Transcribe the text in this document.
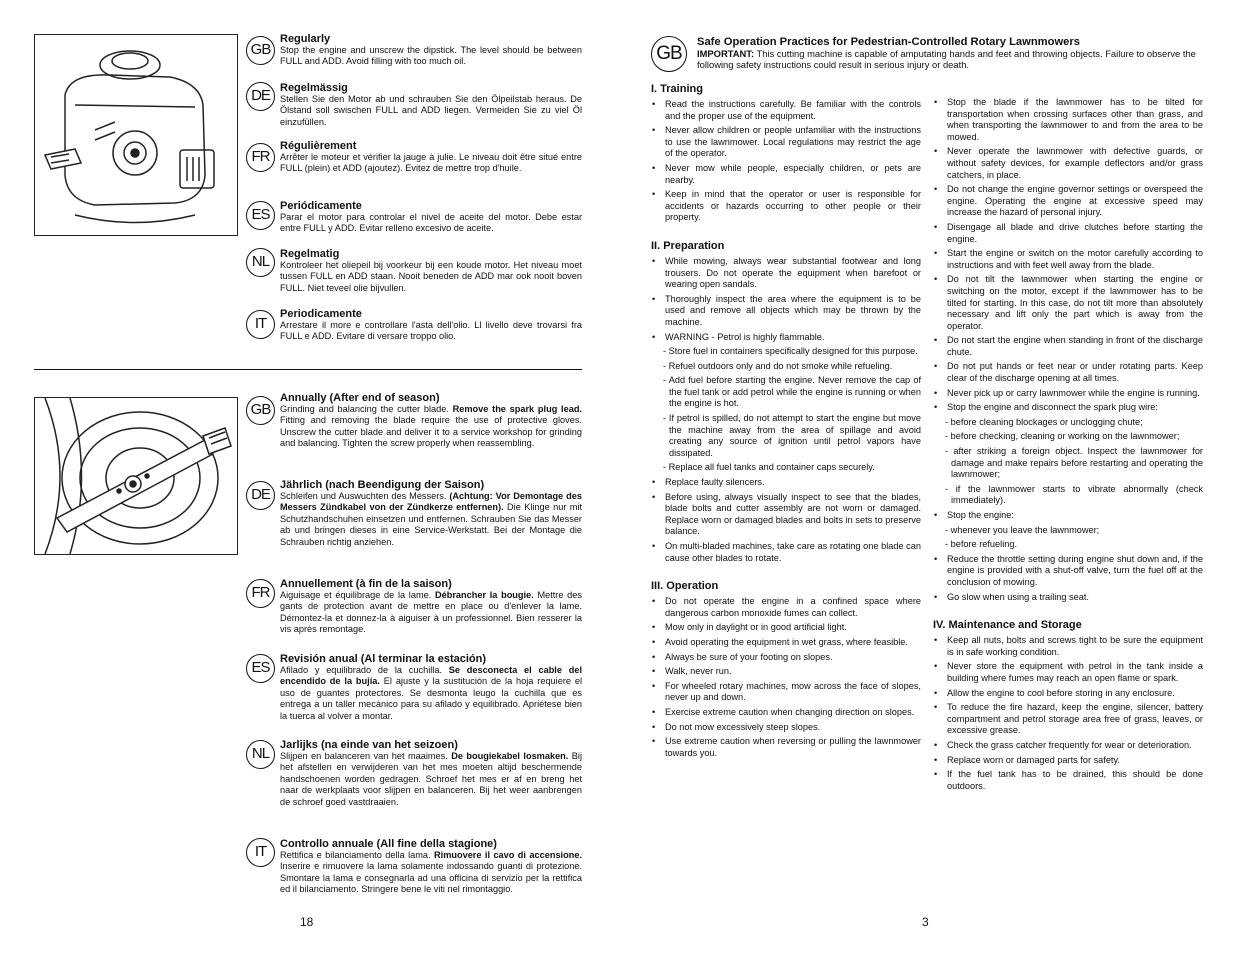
GB
Regularly
Stop the engine and unscrew the dipstick. The level should be between FULL and ADD. Avoid filling with too much oil.
DE Regelmässig
Stellen Sie den Motor ab und schrauben Sie den Ölpeilstab heraus. De Ölstand soll swischen FULL and ADD liegen. Vermeiden Sie zu viel Öl einzufüllen.
FR
Régulièrement
Arrêter le moteur et vérifier la jauge à julie. Le niveau doit être situé entre FULL (plein) et ADD (ajoutez). Evitez de mettre trop d'huile.
ES Periódicamente
Parar el motor para controlar el nivel de aceite del motor. Debe estar entre FULL y ADD. Evitar relleno excesivo de aceite.
NL Regelmatig
Kontroleer het oliepeil bij voorkeur bij een koude motor. Het niveau moet tussen FULL en ADD staan. Nooit beneden de ADD mar ook nooit boven FULL. Niet teveel olie bijvullen.
IT
Periodicamente
Arrestare il more e controllare l'asta dell'olio. Ll livello deve trovarsi fra FULL e ADD. Evitare di versare troppo olio.
GB
Annually (After end of season)
Grinding and balancing the cutter blade. Remove the spark plug lead. Fitting and removing the blade require the use of protective gloves. Unscrew the cutter blade and deliver it to a service workshop for grinding and balancing. Tighten the screw properly when reassembling.
DE
Jährlich (nach Beendigung der Saison)
Schleifen und Auswuchten des Messers. (Achtung: Vor Demontage des Messers Zündkabel von der Zündkerze entfernen). Die Klinge nur mit Schutzhandschuhen einsetzen und entfernen. Schrauben Sie das Messer ab und bringen dieses in eine Service-Werkstatt. Bei der Montage die Schrauben richtig anziehen.
FR Annuellement (à fin de la saison)
Aiguisage et équilibrage de la lame. Débrancher la bougie. Mettre des gants de protection avant de mettre en place ou d'enlever la lame. Démontez-la et donnez-la à aiguiser à un professionnel. Bien resserer la vis après remontage.
ES Revisión anual (Al terminar la estación)
Afilado y equilibrado de la cuchilla. Se desconecta el cable del encendido de la bujía. El ajuste y la sustitución de la hoja requiere el uso de guantes protectores. Se desmonta leugo la cuchilla que es entrega a un taller mecánico para su afilado y equilibrado. Apriétese bien la tuerca al volver a montar.
NL Jarlijks (na einde van het seizoen)
Slijpen en balanceren van het maaimes. De bougiekabel losmaken. Bij het afstellen en verwijderen van het mes moeten altijd beschermende handschoenen worden gedragen. Schroef het mes er af en breng het naar de werkplaats voor slijpen en balanceren. Bij het weer aanbrengen de schroef goed vastdraaien.
IT	Controllo annuale (All fine della stagione)
Rettifica e bilanciamento della lama. Rimuovere il cavo di accensione. Inserire e rimuovere la lama solamente indossando guanti di protezione. Smontare la lama e consegnarla ad una officina di servizio per la rettifica ed il bilanciamento. Stringere bene le viti nel rimontaggio.
18
GB
Safe Operation Practices for Pedestrian-Controlled Rotary Lawnmowers
IMPORTANT: This cutting machine is capable of amputating hands and feet and throwing objects. Failure to observe the following safety instructions could result in serious injury or death.
I. Training
• Read the instructions carefully. Be familiar with the controls and the proper use of the equipment.
• Never allow children or people unfamiliar with the instructions to use the lawnmower. Local regulations may restrict the age of the operator.
• Never mow while people, especially children, or pets are nearby.
• Keep in mind that the operator or user is responsible for accidents or hazards occurring to other people or their property.
II. Preparation
• While mowing, always wear substantial footwear and long trousers. Do not operate the equipment when barefoot or wearing open sandals.
• Thoroughly inspect the area where the equipment is to be used and remove all objects which may be thrown by the machine.
• WARNING - Petrol is highly flammable.
- Store fuel in containers specifically designed for this purpose.
- Refuel outdoors only and do not smoke while refueling.
- Add fuel before starting the engine. Never remove the cap of the fuel tank or add petrol while the engine is running or when the engine is hot.
- If petrol is spilled, do not attempt to start the engine but move the machine away from the area of spillage and avoid creating any source of ignition until petrol vapors have dissipated.
- Replace all fuel tanks and container caps securely.
• Replace faulty silencers.
• Before using, always visually inspect to see that the blades, blade bolts and cutter assembly are not worn or damaged. Replace worn or damaged blades and bolts in sets to preserve balance.
• On multi-bladed machines, take care as rotating one blade can cause other blades to rotate.
III. Operation
• Do not operate the engine in a confined space where dangerous carbon monoxide fumes can collect.
• Mow only in daylight or in good artificial light.
• Avoid operating the equipment in wet grass, where feasible.
• Always be sure of your footing on slopes.
• Walk, never run.
• For wheeled rotary machines, mow across the face of slopes, never up and down.
• Exercise extreme caution when changing direction on slopes.
• Do not mow excessively steep slopes.
• Use extreme caution when reversing or pulling the lawnmower towards you.
• Stop the blade if the lawnmower has to be tilted for transportation when crossing surfaces other than grass, and when transporting the lawnmower to and from the area to be mowed.
• Never operate the lawnmower with defective guards, or without safety devices, for example deflectors and/or grass catchers, in place.
• Do not change the engine governor settings or overspeed the engine. Operating the engine at excessive speed may increase the hazard of personal injury.
• Disengage all blade and drive clutches before starting the engine.
• Start the engine or switch on the motor carefully according to instructions and with feet well away from the blade.
• Do not tilt the lawnmower when starting the engine or switching on the motor, except if the lawnmower has to be tilted for starting. In this case, do not tilt more than absolutely necessary and lift only the part which is away from the operator.
• Do not start the engine when standing in front of the discharge chute.
• Do not put hands or feet near or under rotating parts. Keep clear of the discharge opening at all times.
• Never pick up or carry lawnmower while the engine is running.
• Stop the engine and disconnect the spark plug wire:
- before cleaning blockages or unclogging chute;
- before checking, cleaning or working on the lawnmower;
- after striking a foreign object. Inspect the lawnmower for damage and make repairs before restarting and operating the lawnmower;
- if the lawnmower starts to vibrate abnormally (check immediately).
• Stop the engine:
- whenever you leave the lawnmower;
- before refueling.
• Reduce the throttle setting during engine shut down and, if the engine is provided with a shut-off valve, turn the fuel off at the conclusion of mowing.
• Go slow when using a trailing seat.
IV. Maintenance and Storage
• Keep all nuts, bolts and screws tight to be sure the equipment is in safe working condition.
• Never store the equipment with petrol in the tank inside a building where fumes may reach an open flame or spark.
• Allow the engine to cool before storing in any enclosure.
• To reduce the fire hazard, keep the engine, silencer, battery compartment and petrol storage area free of grass, leaves, or excessive grease.
• Check the grass catcher frequently for wear or deterioration.
• Replace worn or damaged parts for safety.
• If the fuel tank has to be drained, this should be done outdoors.
3
